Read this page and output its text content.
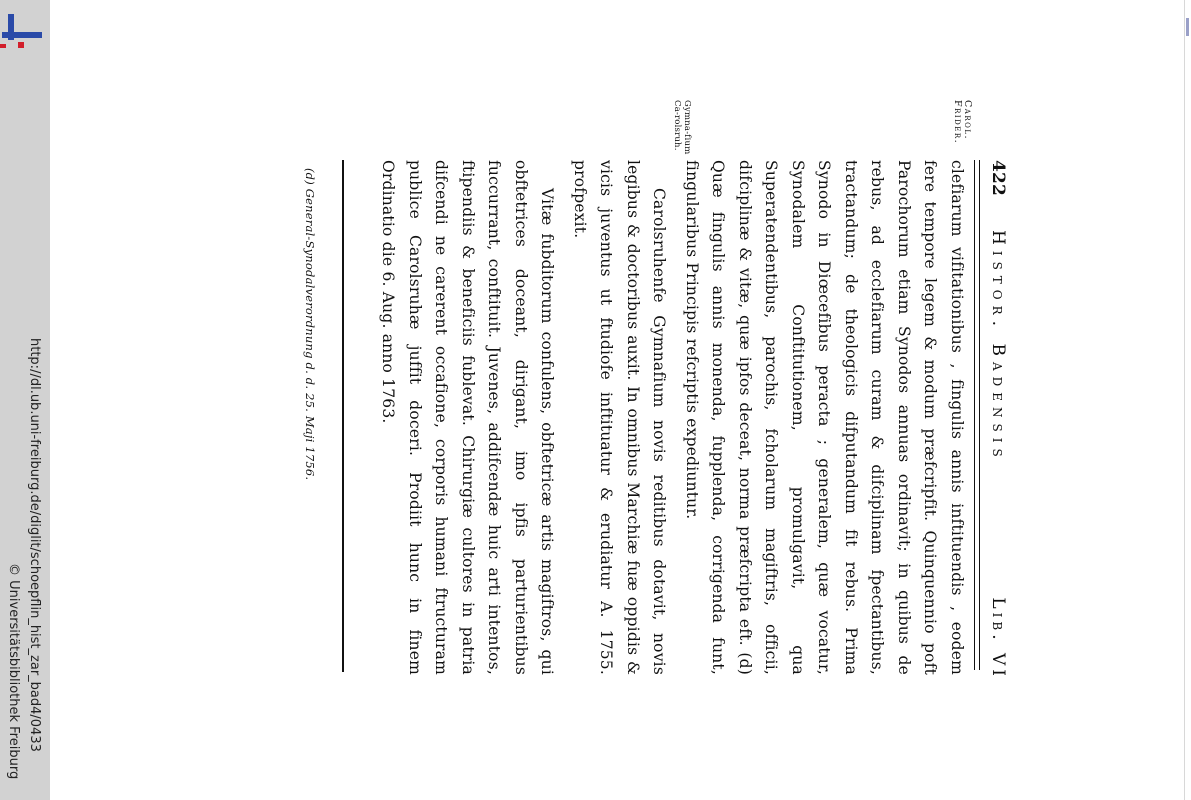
http://dl.ub.uni-freiburg.de/diglit/schoepflin_hist_zar_bad4/0433
© Universitätsbibliothek Freiburg
422
Histor. Badensis
Lib. VI
Carol. Frider.
Gymna-fium Ca-rolsruh.

clefiarum vifitationibus , fingulis annis inftituendis , eodem fere tempore legem & modum præfcripfit. Quinquennio poft Parochorum etiam Synodos annuas ordinavit; in quibus de rebus, ad ecclefiarum curam & difciplinam fpectantibus, tractandum; de theologicis difputandum fit rebus. Prima Synodo in Diœcefibus peracta ; generalem, quæ vocatur, Synodalem Conftitutionem, promulgavit, qua Superatendentibus, parochis, fcholarum magiftris, officii, difciplinæ & vitæ, quæ ipfos deceat, norma præfcripta eft. (d) Quæ fingulis annis monenda, fupplenda, corrigenda funt, fingularibus Principis refcriptis expediuntur.

Carolsruhenfe Gymnafium novis reditibus dotavit, novis legibus & doctoribus auxit. In omnibus Marchiæ fuæ oppidis & vicis juventus ut ftudiofe inftituatur & erudiatur A. 1755. profpexit.

Vitæ fubditorum confulens, obftetricæ artis magiftros, qui obftetrices doceant, dirigant, imo ipfis parturientibus fuccurrant, conftituit. Juvenes, addifcendæ huic arti intentos, ftipendiis & beneficiis fublevat. Chirurgiæ cultores in patria difcendi ne carerent occafione, corporis humani ftructuram publice Carolsruhæ juffit doceri. Prodiit hunc in finem Ordinatio die 6. Aug. anno 1763.

(d) General-Synodalverordnung d. d. 25. Maji 1756.
